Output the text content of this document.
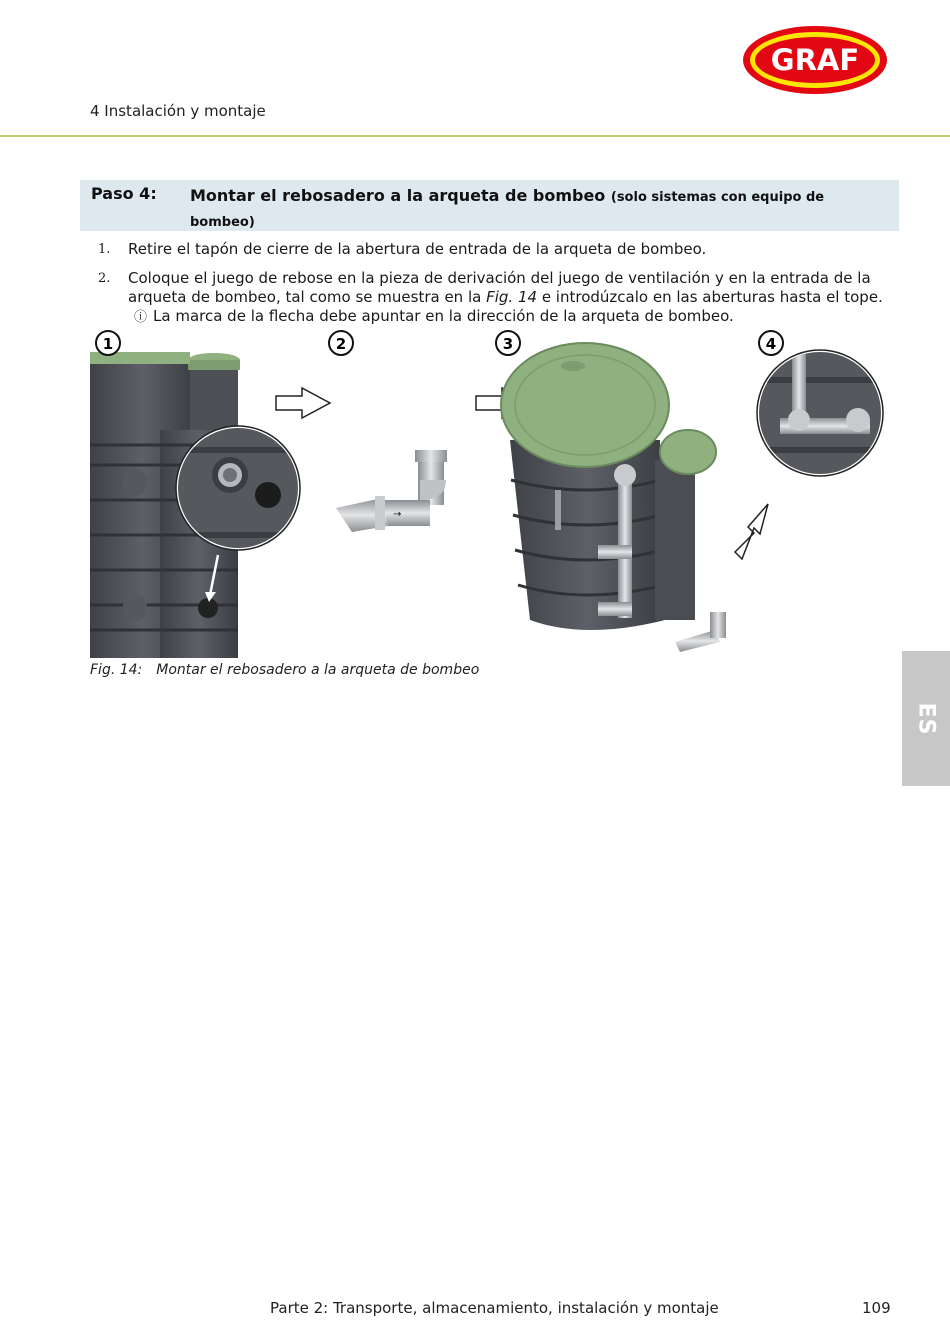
GRAF
4 Instalación y montaje
Paso 4: Montar el rebosadero a la arqueta de bombeo (solo sistemas con equipo de bombeo)
1. Retire el tapón de cierre de la abertura de entrada de la arqueta de bombeo.
2. Coloque el juego de rebose en la pieza de derivación del juego de ventilación y en la entrada de la arqueta de bombeo, tal como se muestra en la Fig. 14 e introdúzcalo en las aberturas hasta el tope.
ⓘ La marca de la flecha debe apuntar en la dirección de la arqueta de bombeo.
→
1	2	3	4
Fig. 14: Montar el rebosadero a la arqueta de bombeo
ES
Parte 2: Transporte, almacenamiento, instalación y montaje	109
